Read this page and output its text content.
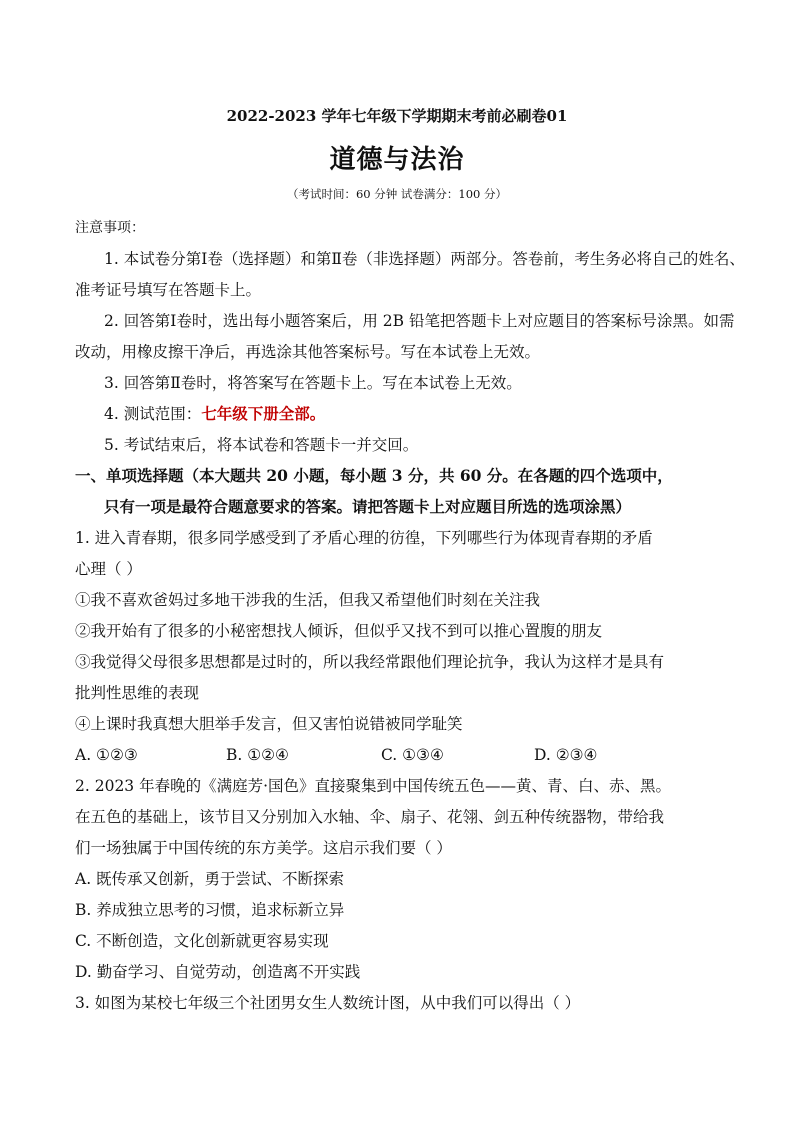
2022-2023 学年七年级下学期期末考前必刷卷01
道德与法治
（考试时间：60 分钟 试卷满分：100 分）
注意事项：
1. 本试卷分第Ⅰ卷（选择题）和第Ⅱ卷（非选择题）两部分。答卷前，考生务必将自己的姓名、
准考证号填写在答题卡上。
2. 回答第Ⅰ卷时，选出每小题答案后，用 2B 铅笔把答题卡上对应题目的答案标号涂黑。如需
改动，用橡皮擦干净后，再选涂其他答案标号。写在本试卷上无效。
3. 回答第Ⅱ卷时，将答案写在答题卡上。写在本试卷上无效。
4. 测试范围：七年级下册全部。
5. 考试结束后，将本试卷和答题卡一并交回。
一、单项选择题（本大题共 20 小题，每小题 3 分，共 60 分。在各题的四个选项中，
只有一项是最符合题意要求的答案。请把答题卡上对应题目所选的选项涂黑）
1. 进入青春期，很多同学感受到了矛盾心理的彷徨，下列哪些行为体现青春期的矛盾
心理（ ）
①我不喜欢爸妈过多地干涉我的生活，但我又希望他们时刻在关注我
②我开始有了很多的小秘密想找人倾诉，但似乎又找不到可以推心置腹的朋友
③我觉得父母很多思想都是过时的，所以我经常跟他们理论抗争，我认为这样才是具有
批判性思维的表现
④上课时我真想大胆举手发言，但又害怕说错被同学耻笑
A. ①②③	B. ①②④	C. ①③④	D. ②③④
2. 2023 年春晚的《满庭芳·国色》直接聚集到中国传统五色——黄、青、白、赤、黑。
在五色的基础上，该节目又分别加入水轴、伞、扇子、花翎、剑五种传统器物，带给我
们一场独属于中国传统的东方美学。这启示我们要（ ）
A. 既传承又创新，勇于尝试、不断探索
B. 养成独立思考的习惯，追求标新立异
C. 不断创造，文化创新就更容易实现
D. 勤奋学习、自觉劳动，创造离不开实践
3. 如图为某校七年级三个社团男女生人数统计图，从中我们可以得出（ ）
